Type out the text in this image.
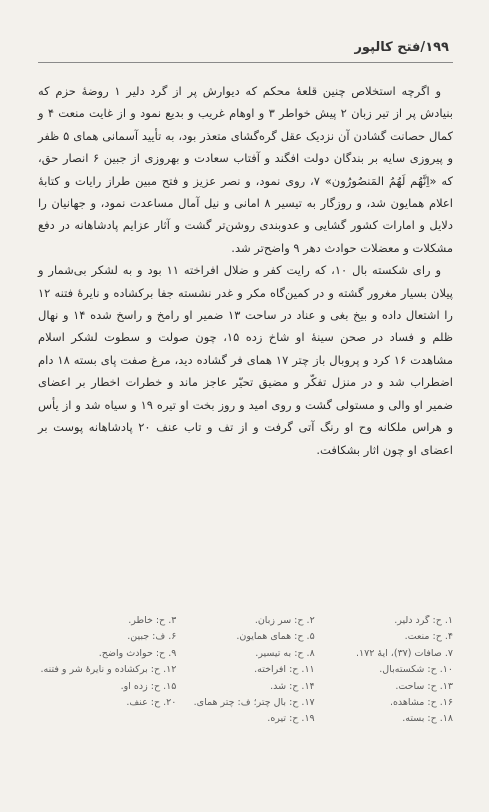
۱۹۹/فتح کالپور

و اگرچه استخلاص چنین قلعهٔ محکم که دیوارش پر از گرد دلیر ۱ روضهٔ حزم که بنیادش پر از تیر زبان ۲ پیش خواطر ۳ و اوهام غریب و بدیع نمود و از غایت منعت ۴ و کمال حصانت گشادن آن نزدیک عقل گره‌گشای متعذر بود، به تأیید آسمانی همای ۵ ظفر و پیروزی سایه بر بندگان دولت افگند و آفتاب سعادت و بهروزی از جبین ۶ انصار حق، که «اِنَّهُم لَهُمُ المَنصُورُون» ۷، روی نمود، و نصر عزیز و فتح مبین طراز رایات و کتابهٔ اعلام همایون شد، و روزگار به تیسیر ۸ امانی و نیل آمال مساعدت نمود، و جهانیان را دلایل و امارات کشور گشایی و عدوبندی روشن‌تر گشت و آثار عزایم پادشاهانه در دفع مشکلات و معضلات حوادث دهر ۹ واضح‌تر شد.

و رای شکسته بال ۱۰، که رایت کفر و ضلال افراخته ۱۱ بود و به لشکر بی‌شمار و پیلان بسیار مغرور گشته و در کمین‌گاه مکر و غدر نشسته جفا برکشاده و نایرهٔ فتنه ۱۲ را اشتعال داده و بیخ بغی و عناد در ساحت ۱۳ ضمیر او رامخ و راسخ شده ۱۴ و نهال ظلم و فساد در صحن سینهٔ او شاخ زده ۱۵، چون صولت و سطوت لشکر اسلام مشاهدت ۱۶ کرد و پروبال باز چتر ۱۷ همای فر گشاده دید، مرغ صفت پای بسته ۱۸ دام اضطراب شد و در منزل تفکّر و مضیق تحیّر عاجز ماند و خطرات اخطار بر اعضای ضمیر او والی و مستولی گشت و روی امید و روز بخت او تیره ۱۹ و سیاه شد و از یأس و هراس ملکانه وح او رنگ آتی گرفت و از تف و تاب عنف ۲۰ پادشاهانه پوست بر اعضای او چون اثار بشکافت.

۱. ح: گرد دلیر.
۲. ح: سر زبان.
۳. ح: خاطر.
۴. ح: منعت.
۵. ح: همای همایون.
۶. ف: جبین.
۷. صافات (۳۷)، آیهٔ ۱۷۲.
۸. ح: به تیسیر.
۹. ح: حوادث واضح.
۱۰. ح: شکسته‌بال.
۱۱. ح: افراخته.
۱۲. ح: برکشاده و نایرهٔ شر و فتنه.
۱۳. ح: ساحت.
۱۴. ح: شد.
۱۵. ح: زده او.
۱۶. ح: مشاهده.
۱۷. ح: بال چتر؛ ف: چتر همای.
۲۰. ح: عنف.
۱۸. ح: بسته.
۱۹. ح: تیره.
